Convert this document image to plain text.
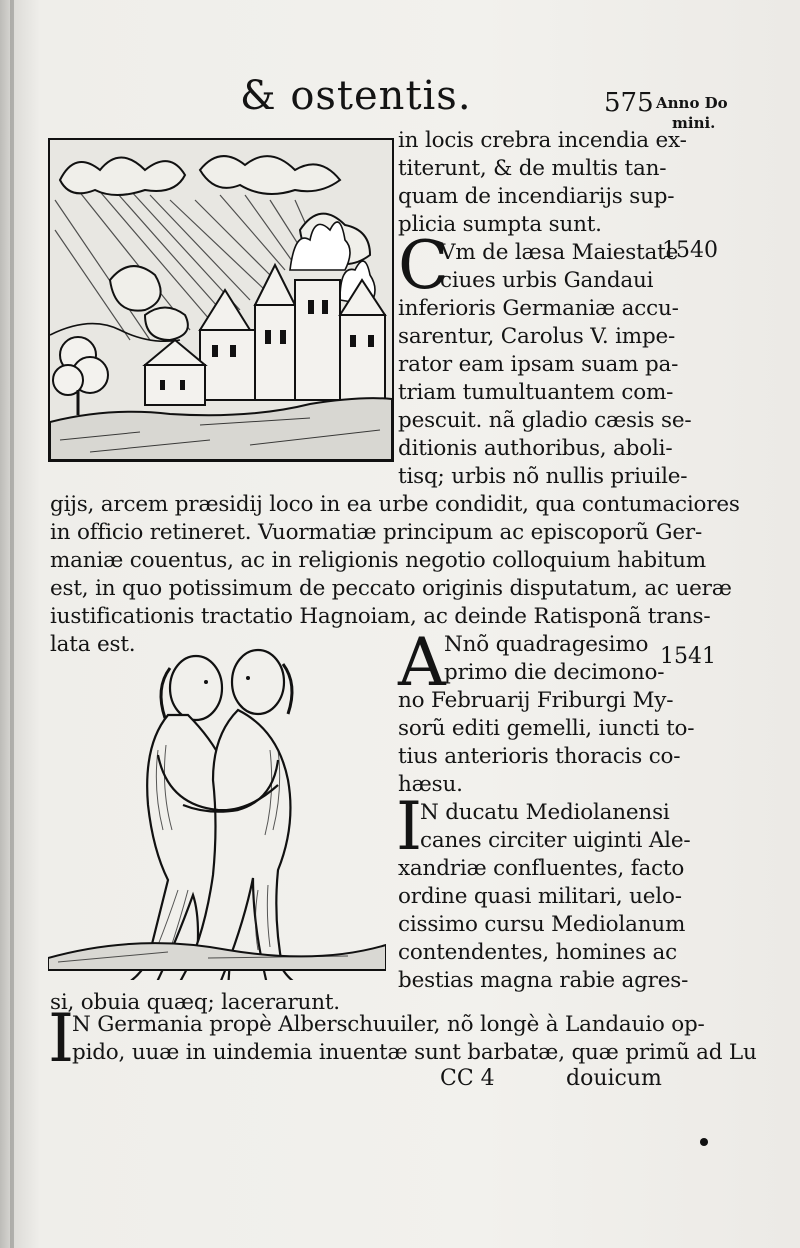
& ostentis.	575 Anno Do
mini.
in locis crebra incendia ex-
titerunt, & de multis tan-
quam de incendiarijs sup-
plicia sumpta sunt.
C	1540
Vm de læsa Maiestate
ciues urbis Gandaui
inferioris Germaniæ accu-
sarentur, Carolus V. impe-
rator eam ipsam suam pa-
triam tumultuantem com-
pescuit. nã gladio cæsis se-
ditionis authoribus, aboli-
tisq; urbis nõ nullis priuile-
gijs, arcem præsidij loco in ea urbe condidit, qua contumaciores
in officio retineret. Vuormatiæ principum ac episcoporũ Ger-
maniæ couentus, ac in religionis negotio colloquium habitum
est, in quo potissimum de peccato originis disputatum, ac ueræ
iustificationis tractatio Hagnoiam, ac deinde Ratisponã trans-
lata est.	A	1541
Nnõ quadragesimo
primo die decimono-
no Februarij Friburgi My-
sorũ editi gemelli, iuncti to-
tius anterioris thoracis co-
hæsu.
I
N ducatu Mediolanensi
canes circiter uiginti Ale-
xandriæ confluentes, facto
ordine quasi militari, uelo-
cissimo cursu Mediolanum
contendentes, homines ac
bestias magna rabie agres-
si, obuia quæq; lacerarunt.
I
N Germania propè Alberschuuiler, nõ longè à Landauio op-
pido, uuæ in uindemia inuentæ sunt barbatæ, quæ primũ ad Lu
CC 4	douicum
